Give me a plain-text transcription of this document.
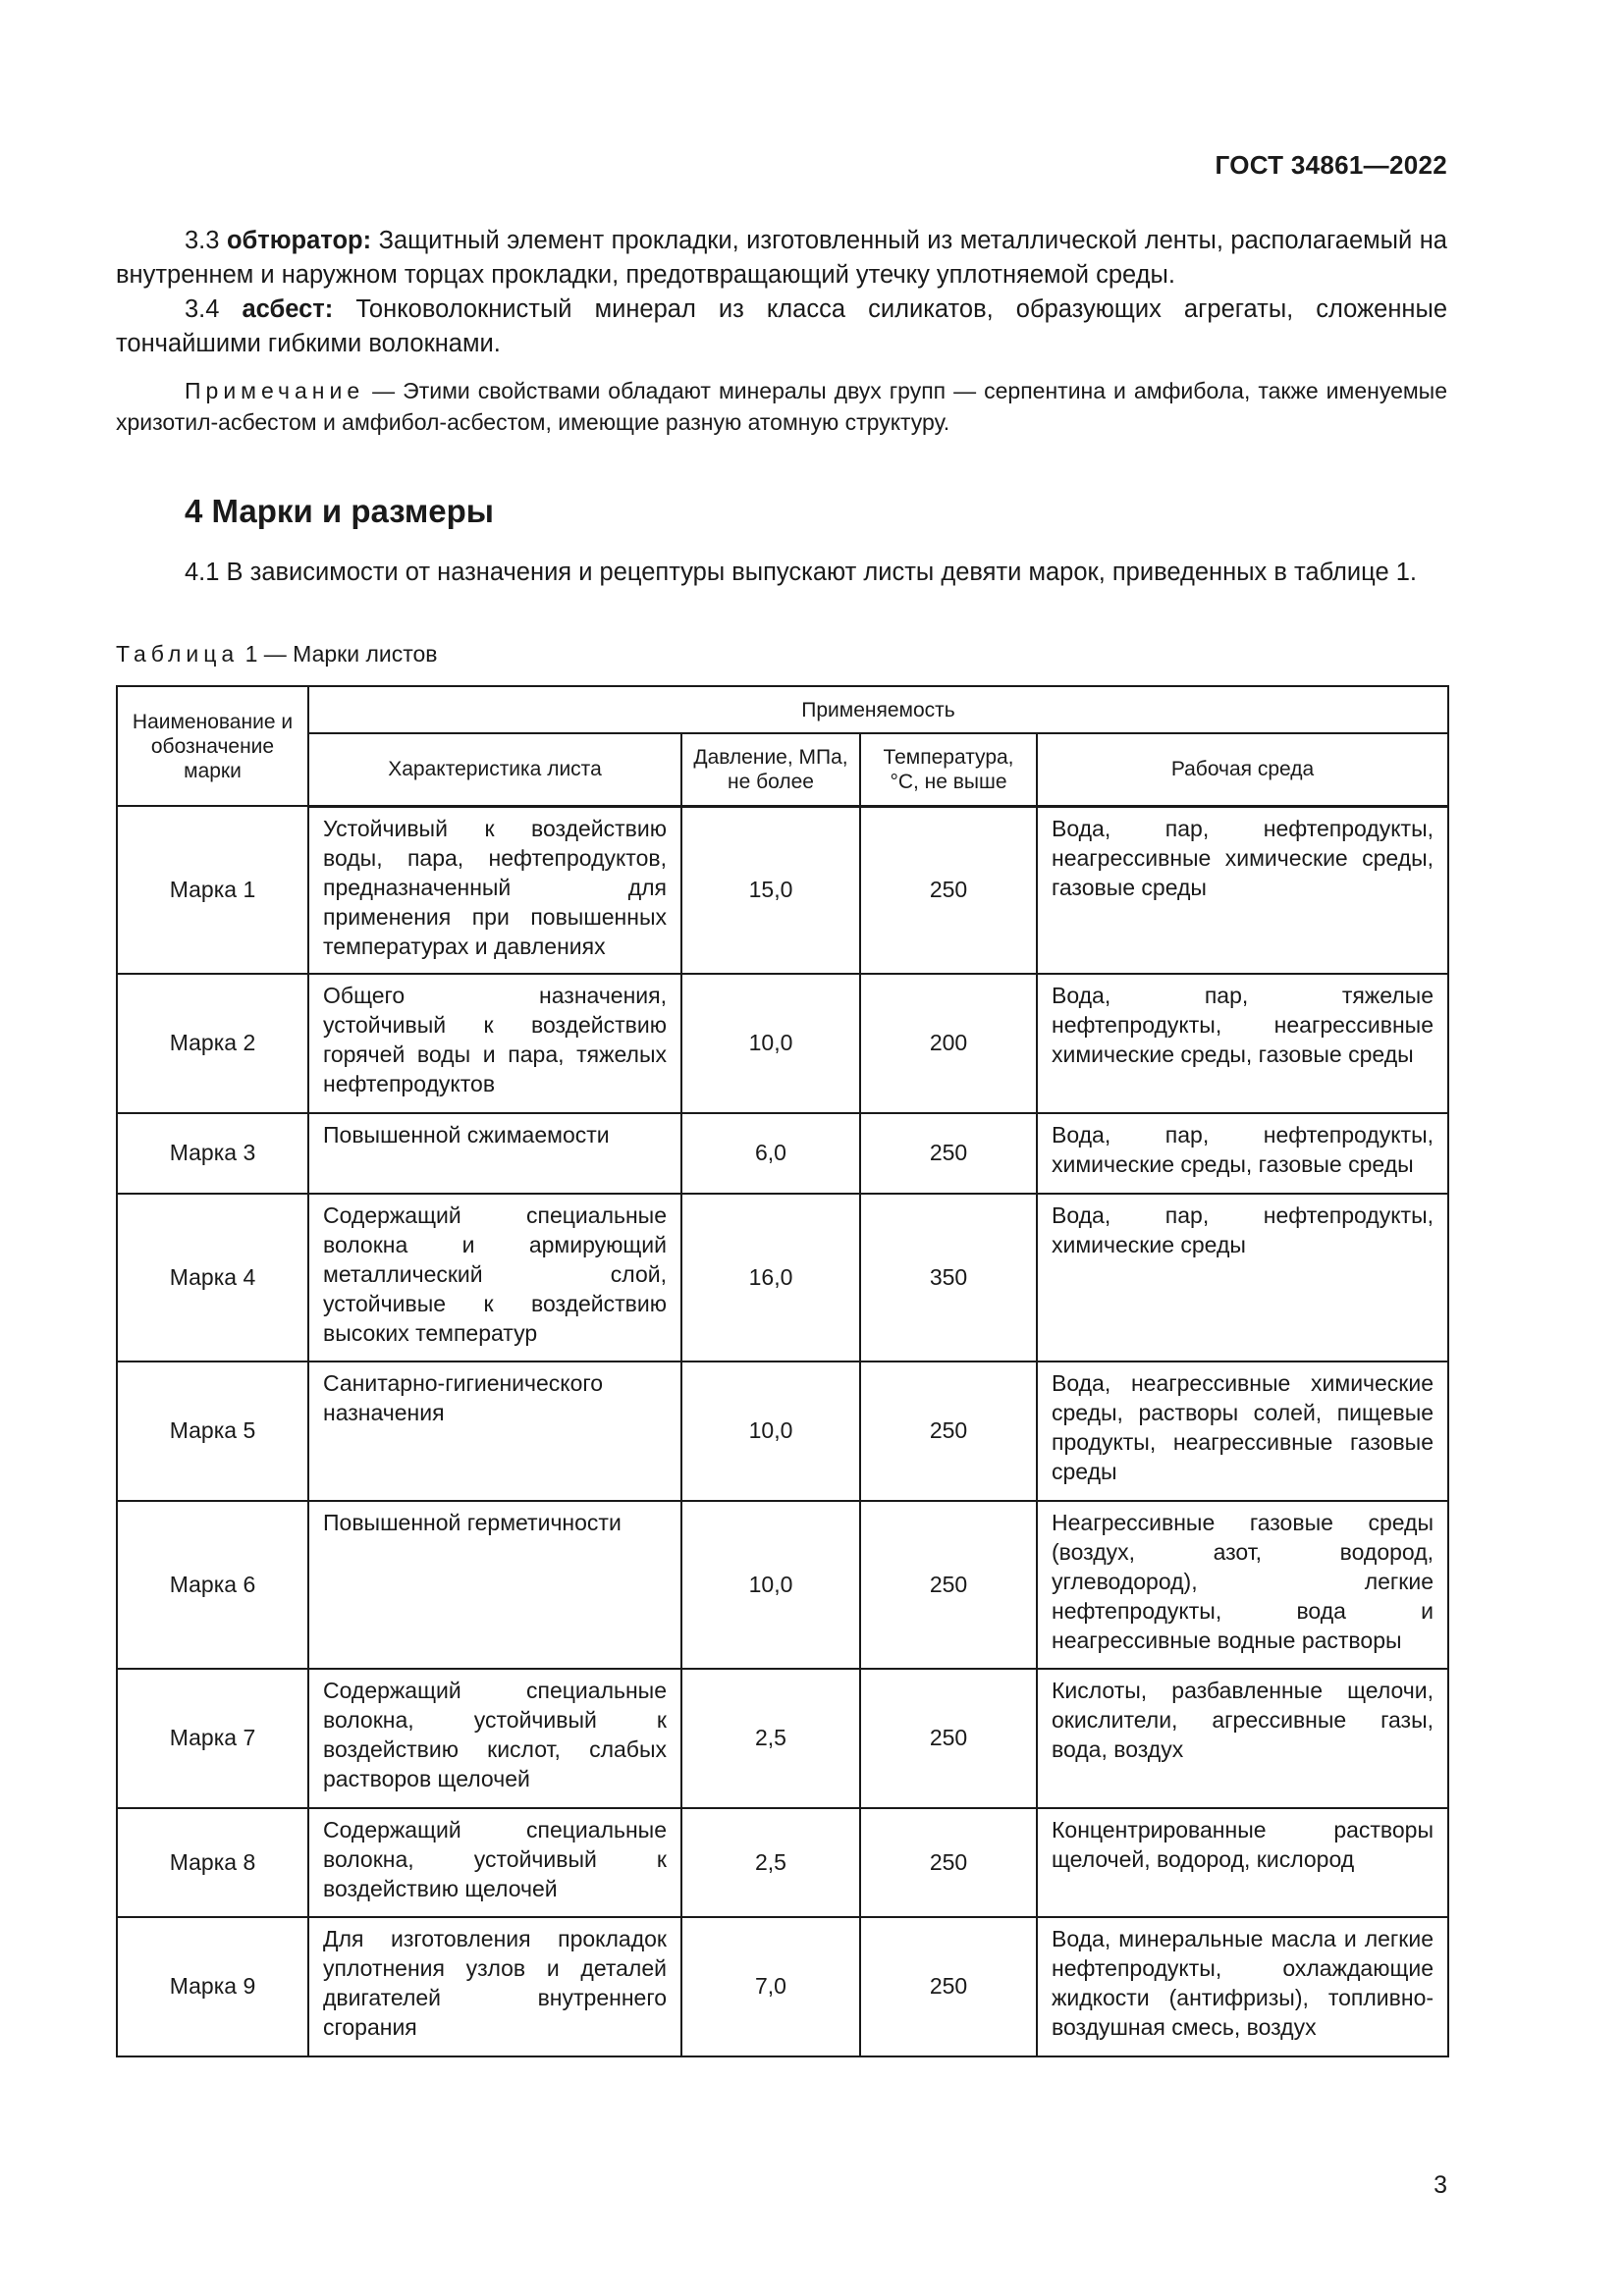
ГОСТ 34861—2022
3.3 обтюратор: Защитный элемент прокладки, изготовленный из металлической ленты, располагаемый на внутреннем и наружном торцах прокладки, предотвращающий утечку уплотняемой среды.
3.4 асбест: Тонковолокнистый минерал из класса силикатов, образующих агрегаты, сложенные тончайшими гибкими волокнами.
Примечание — Этими свойствами обладают минералы двух групп — серпентина и амфибола, также именуемые хризотил-асбестом и амфибол-асбестом, имеющие разную атомную структуру.
4 Марки и размеры
4.1 В зависимости от назначения и рецептуры выпускают листы девяти марок, приведенных в таблице 1.
Таблица 1 — Марки листов
Наименование и обозначение марки	Применяемость			
	Характеристика листа	Давление, МПа, не более	Температура, °С, не выше	Рабочая среда
Марка 1	Устойчивый к воздействию воды, пара, нефтепродуктов, предназначенный для применения при повышенных температурах и давлениях	15,0	250	Вода, пар, нефтепродукты, неагрессивные химические среды, газовые среды
Марка 2	Общего назначения, устойчивый к воздействию горячей воды и пара, тяжелых нефтепродуктов	10,0	200	Вода, пар, тяжелые нефтепродукты, неагрессивные химические среды, газовые среды
Марка 3	Повышенной сжимаемости	6,0	250	Вода, пар, нефтепродукты, химические среды, газовые среды
Марка 4	Содержащий специальные волокна и армирующий металлический слой, устойчивые к воздействию высоких температур	16,0	350	Вода, пар, нефтепродукты, химические среды
Марка 5	Санитарно-гигиенического назначения	10,0	250	Вода, неагрессивные химические среды, растворы солей, пищевые продукты, неагрессивные газовые среды
Марка 6	Повышенной герметичности	10,0	250	Неагрессивные газовые среды (воздух, азот, водород, углеводород), легкие нефтепродукты, вода и неагрессивные водные растворы
Марка 7	Содержащий специальные волокна, устойчивый к воздействию кислот, слабых растворов щелочей	2,5	250	Кислоты, разбавленные щелочи, окислители, агрессивные газы, вода, воздух
Марка 8	Содержащий специальные волокна, устойчивый к воздействию щелочей	2,5	250	Концентрированные растворы щелочей, водород, кислород
Марка 9	Для изготовления прокладок уплотнения узлов и деталей двигателей внутреннего сгорания	7,0	250	Вода, минеральные масла и легкие нефтепродукты, охлаждающие жидкости (антифризы), топливно-воздушная смесь, воздух
3
